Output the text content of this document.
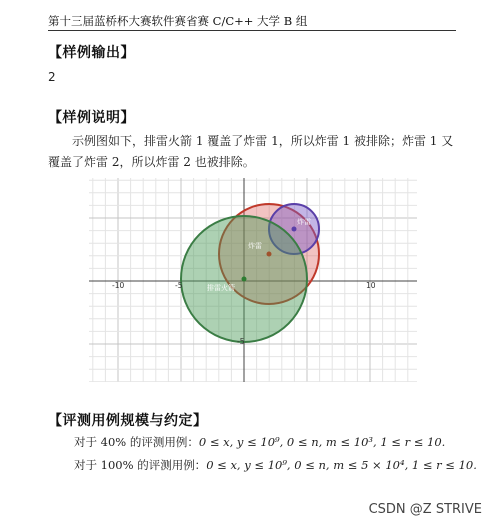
第十三届蓝桥杯大赛软件赛省赛 C/C++ 大学 B 组
【样例输出】
2
【样例说明】
示例图如下，排雷火箭 1 覆盖了炸雷 1，所以炸雷 1 被排除；炸雷 1 又覆盖了炸雷 2，所以炸雷 2 也被排除。
炸雷
炸雷
排雷火箭
-10	-5	10
-5
【评测用例规模与约定】
对于 40% 的评测用例：0 ≤ x, y ≤ 10⁹, 0 ≤ n, m ≤ 10³, 1 ≤ r ≤ 10.
对于 100% 的评测用例：0 ≤ x, y ≤ 10⁹, 0 ≤ n, m ≤ 5 × 10⁴, 1 ≤ r ≤ 10.
CSDN @Z STRIVE
